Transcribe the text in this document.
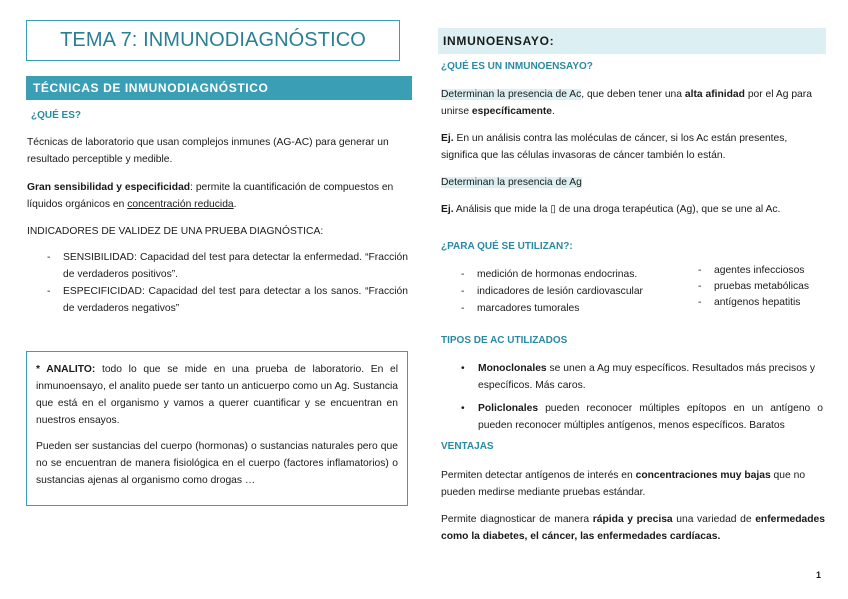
TEMA 7: INMUNODIAGNÓSTICO
TÉCNICAS DE INMUNODIAGNÓSTICO
¿QUÉ ES?

Técnicas de laboratorio que usan complejos inmunes (AG-AC) para generar un resultado perceptible y medible.

Gran sensibilidad y especificidad: permite la cuantificación de compuestos en líquidos orgánicos en concentración reducida.

INDICADORES DE VALIDEZ DE UNA PRUEBA DIAGNÓSTICA:

- SENSIBILIDAD: Capacidad del test para detectar la enfermedad. “Fracción de verdaderos positivos”.
- ESPECIFICIDAD: Capacidad del test para detectar a los sanos. “Fracción de verdaderos negativos”

* ANALITO: todo lo que se mide en una prueba de laboratorio. En el inmunoensayo, el analito puede ser tanto un anticuerpo como un Ag. Sustancia que está en el organismo y vamos a querer cuantificar y se encuentran en nuestros ensayos.

Pueden ser sustancias del cuerpo (hormonas) o sustancias naturales pero que no se encuentran de manera fisiológica en el cuerpo (factores inflamatorios) o sustancias ajenas al organismo como drogas …

INMUNOENSAYO:
¿QUÉ ES UN INMUNOENSAYO?

Determinan la presencia de Ac, que deben tener una alta afinidad por el Ag para unirse específicamente.

Ej. En un análisis contra las moléculas de cáncer, si los Ac están presentes, significa que las células invasoras de cáncer también lo están.

Determinan la presencia de Ag

Ej. Análisis que mide la ▯ de una droga terapéutica (Ag), que se une al Ac.

¿PARA QUÉ SE UTILIZAN?:
- medición de hormonas endocrinas.
- indicadores de lesión cardiovascular
- marcadores tumorales
- agentes infecciosos
- pruebas metabólicas
- antígenos hepatitis
TIPOS DE AC UTILIZADOS
• Monoclonales se unen a Ag muy específicos. Resultados más precisos y específicos. Más caros.
• Policlonales pueden reconocer múltiples epítopos en un antígeno o pueden reconocer múltiples antígenos, menos específicos. Baratos
VENTAJAS

Permiten detectar antígenos de interés en concentraciones muy bajas que no pueden medirse mediante pruebas estándar.

Permite diagnosticar de manera rápida y precisa una variedad de enfermedades como la diabetes, el cáncer, las enfermedades cardíacas.

1
